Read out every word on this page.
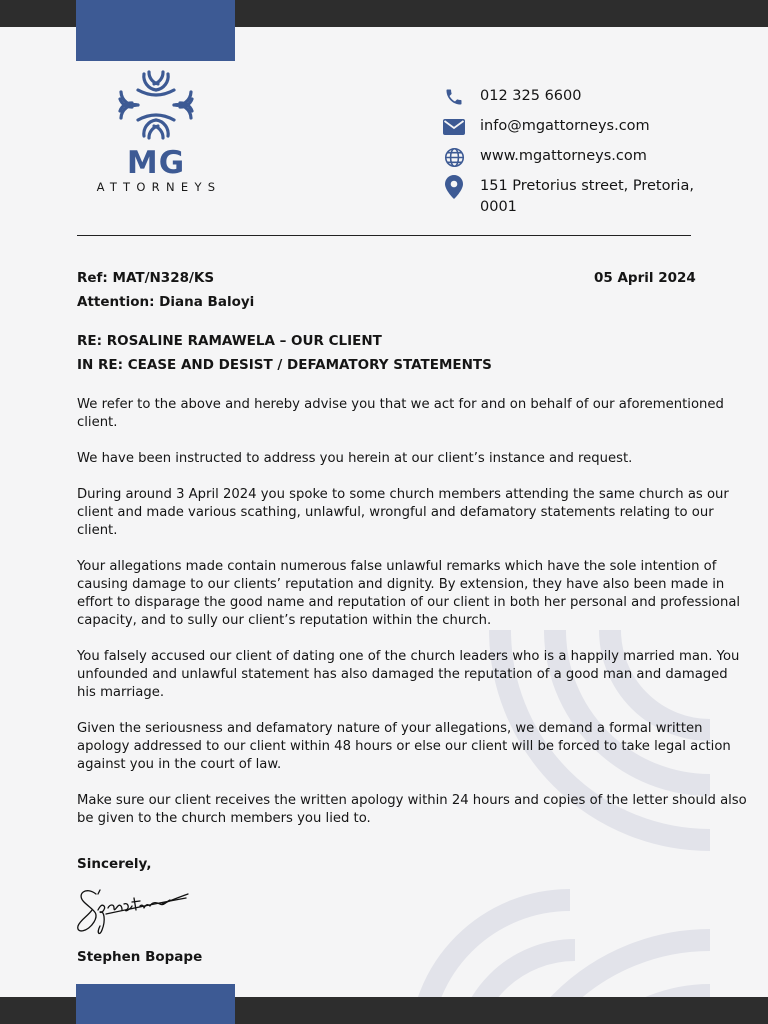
MG
ATTORNEYS
012 325 6600
info@mgattorneys.com
www.mgattorneys.com
151 Pretorius street, Pretoria, 0001
Ref: MAT/N328/KS
Attention: Diana Baloyi
05 April 2024
RE: ROSALINE RAMAWELA – OUR CLIENT
IN RE: CEASE AND DESIST / DEFAMATORY STATEMENTS

We refer to the above and hereby advise you that we act for and on behalf of our aforementioned client.

We have been instructed to address you herein at our client’s instance and request.

During around 3 April 2024 you spoke to some church members attending the same church as our client and made various scathing, unlawful, wrongful and defamatory statements relating to our client.

Your allegations made contain numerous false unlawful remarks which have the sole intention of causing damage to our clients’ reputation and dignity. By extension, they have also been made in effort to disparage the good name and reputation of our client in both her personal and professional capacity, and to sully our client’s reputation within the church.

You falsely accused our client of dating one of the church leaders who is a happily married man. You unfounded and unlawful statement has also damaged the reputation of a good man and damaged his marriage.

Given the seriousness and defamatory nature of your allegations, we demand a formal written apology addressed to our client within 48 hours or else our client will be forced to take legal action against you in the court of law.

Make sure our client receives the written apology within 24 hours and copies of the letter should also be given to the church members you lied to.

Sincerely,
Stephen Bopape
